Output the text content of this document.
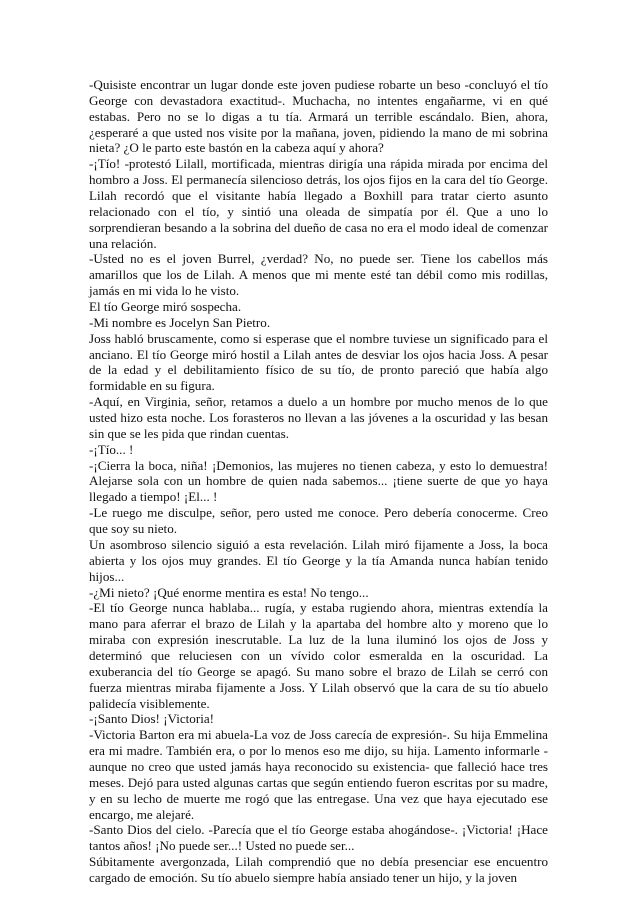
-Quisiste encontrar un lugar donde este joven pudiese robarte un beso -concluyó el tío George con devastadora exactitud-. Muchacha, no intentes engañarme, vi en qué estabas. Pero no se lo digas a tu tía. Armará un terrible escándalo. Bien, ahora, ¿esperaré a que usted nos visite por la mañana, joven, pidiendo la mano de mi sobrina nieta? ¿O le parto este bastón en la cabeza aquí y ahora?

-¡Tío! -protestó Lilall, mortificada, mientras dirigía una rápida mirada por encima del hombro a Joss. El permanecía silencioso detrás, los ojos fijos en la cara del tío George. Lilah recordó que el visitante había llegado a Boxhill para tratar cierto asunto relacionado con el tío, y sintió una oleada de simpatía por él. Que a uno lo sorprendieran besando a la sobrina del dueño de casa no era el modo ideal de comenzar una relación.

-Usted no es el joven Burrel, ¿verdad? No, no puede ser. Tiene los cabellos más amarillos que los de Lilah. A menos que mi mente esté tan débil como mis rodillas, jamás en mi vida lo he visto.

El tío George miró sospecha.

-Mi nombre es Jocelyn San Pietro.

Joss habló bruscamente, como si esperase que el nombre tuviese un significado para el anciano. El tío George miró hostil a Lilah antes de desviar los ojos hacia Joss. A pesar de la edad y el debilitamiento físico de su tío, de pronto pareció que había algo formidable en su figura.

-Aquí, en Virginia, señor, retamos a duelo a un hombre por mucho menos de lo que usted hizo esta noche. Los forasteros no llevan a las jóvenes a la oscuridad y las besan sin que se les pida que rindan cuentas.

-¡Tío... !

-¡Cierra la boca, niña! ¡Demonios, las mujeres no tienen cabeza, y esto lo demuestra! Alejarse sola con un hombre de quien nada sabemos... ¡tiene suerte de que yo haya llegado a tiempo! ¡El... !

-Le ruego me disculpe, señor, pero usted me conoce. Pero debería conocerme. Creo que soy su nieto.

Un asombroso silencio siguió a esta revelación. Lilah miró fijamente a Joss, la boca abierta y los ojos muy grandes. El tío George y la tía Amanda nunca habían tenido hijos...

-¿Mi nieto? ¡Qué enorme mentira es esta! No tengo...

-El tío George nunca hablaba... rugía, y estaba rugiendo ahora, mientras extendía la mano para aferrar el brazo de Lilah y la apartaba del hombre alto y moreno que lo miraba con expresión inescrutable. La luz de la luna iluminó los ojos de Joss y determinó que reluciesen con un vívido color esmeralda en la oscuridad. La exuberancia del tío George se apagó. Su mano sobre el brazo de Lilah se cerró con fuerza mientras miraba fijamente a Joss. Y Lilah observó que la cara de su tío abuelo palidecía visiblemente.

-¡Santo Dios! ¡Victoria!

-Victoria Barton era mi abuela-La voz de Joss carecía de expresión-. Su hija Emmelina era mi madre. También era, o por lo menos eso me dijo, su hija. Lamento informarle -aunque no creo que usted jamás haya reconocido su existencia- que falleció hace tres meses. Dejó para usted algunas cartas que según entiendo fueron escritas por su madre, y en su lecho de muerte me rogó que las entregase. Una vez que haya ejecutado ese encargo, me alejaré.

-Santo Dios del cielo. -Parecía que el tío George estaba ahogándose-. ¡Victoria! ¡Hace tantos años! ¡No puede ser...! Usted no puede ser...

Súbitamente avergonzada, Lilah comprendió que no debía presenciar ese encuentro cargado de emoción. Su tío abuelo siempre había ansiado tener un hijo, y la joven
